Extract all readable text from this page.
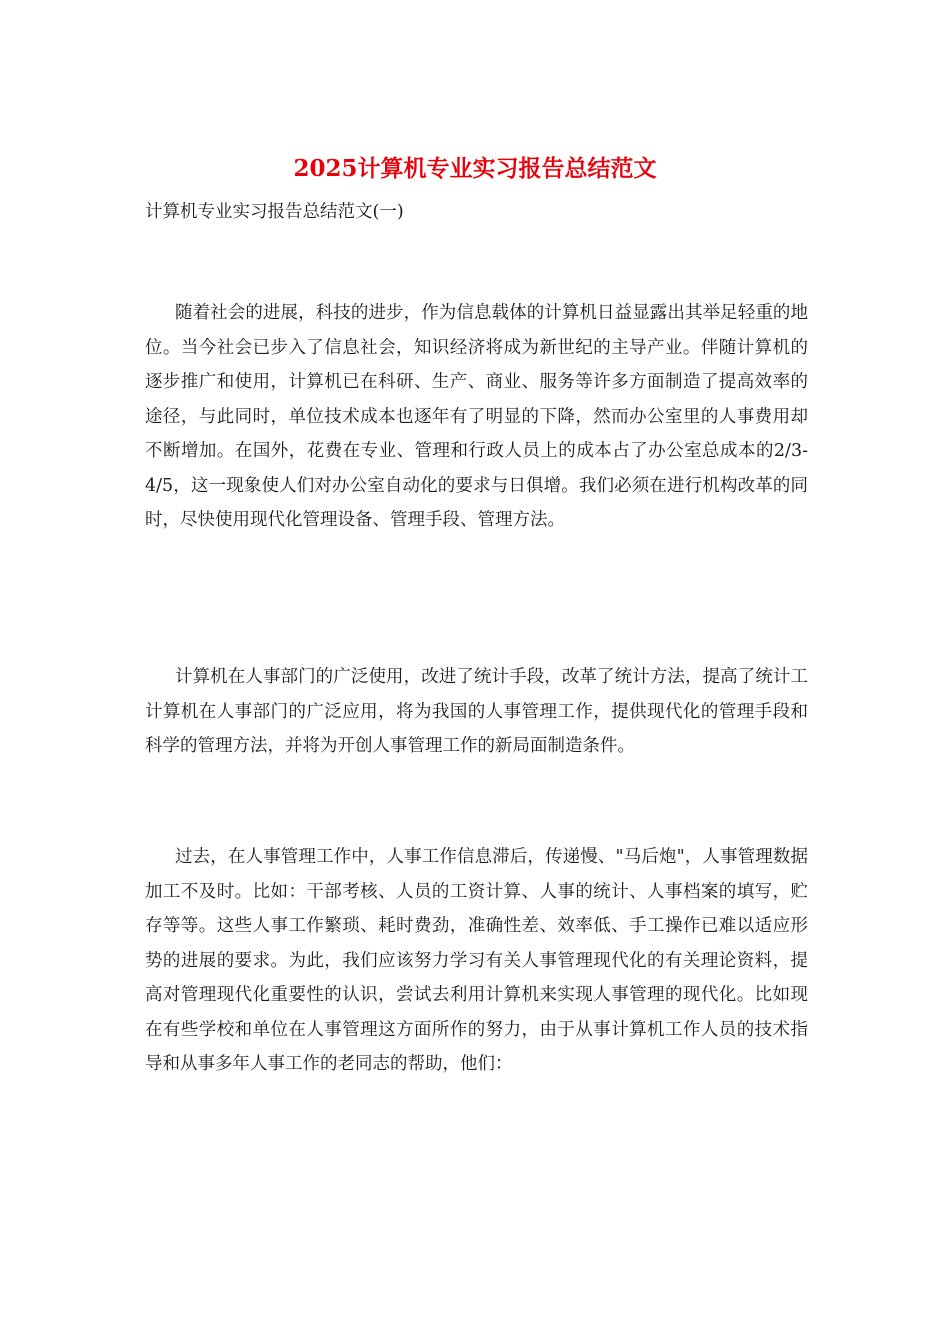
2025计算机专业实习报告总结范文
计算机专业实习报告总结范文(一)

随着社会的进展，科技的进步，作为信息载体的计算机日益显露出其举足轻重的地位。当今社会已步入了信息社会，知识经济将成为新世纪的主导产业。伴随计算机的逐步推广和使用，计算机已在科研、生产、商业、服务等许多方面制造了提高效率的途径，与此同时，单位技术成本也逐年有了明显的下降，然而办公室里的人事费用却不断增加。在国外，花费在专业、管理和行政人员上的成本占了办公室总成本的2/3-4/5，这一现象使人们对办公室自动化的要求与日俱增。我们必须在进行机构改革的同时，尽快使用现代化管理设备、管理手段、管理方法。

计算机在人事部门的广泛使用，改进了统计手段，改革了统计方法，提高了统计工计算机在人事部门的广泛应用，将为我国的人事管理工作，提供现代化的管理手段和科学的管理方法，并将为开创人事管理工作的新局面制造条件。

过去，在人事管理工作中，人事工作信息滞后，传递慢、"马后炮"，人事管理数据加工不及时。比如：干部考核、人员的工资计算、人事的统计、人事档案的填写，贮存等等。这些人事工作繁琐、耗时费劲，准确性差、效率低、手工操作已难以适应形势的进展的要求。为此，我们应该努力学习有关人事管理现代化的有关理论资料，提高对管理现代化重要性的认识，尝试去利用计算机来实现人事管理的现代化。比如现在有些学校和单位在人事管理这方面所作的努力，由于从事计算机工作人员的技术指导和从事多年人事工作的老同志的帮助，他们：
